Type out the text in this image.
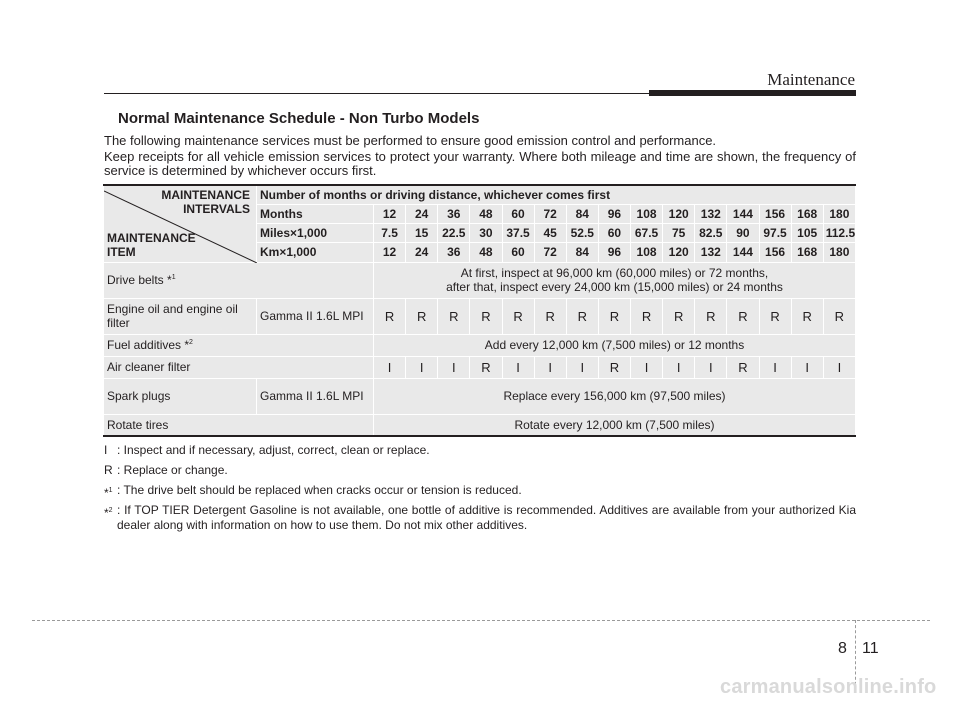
Maintenance
Normal Maintenance Schedule - Non Turbo Models
The following maintenance services must be performed to ensure good emission control and performance.
Keep receipts for all vehicle emission services to protect your warranty. Where both mileage and time are shown, the frequency of service is determined by whichever occurs first.
MAINTENANCE INTERVALS
MAINTENANCE ITEM	Number of months or driving distance, whichever comes first															
	Months	12	24	36	48	60	72	84	96	108	120	132	144	156	168	180
	Miles×1,000	7.5	15	22.5	30	37.5	45	52.5	60	67.5	75	82.5	90	97.5	105	112.5
	Km×1,000	12	24	36	48	60	72	84	96	108	120	132	144	156	168	180
Drive belts *$^1$		At first, inspect at 96,000 km (60,000 miles) or 72 months,
after that, inspect every 24,000 km (15,000 miles) or 24 months														

Engine oil and engine oil filter	Gamma II 1.6L MPI	R	R	R	R	R	R	R	R	R	R	R	R	R	R	R
Fuel additives *$^2$		Add every 12,000 km (7,500 miles) or 12 months														
Air cleaner filter		I	I	I	R	I	I	I	R	I	I	I	R	I	I	I
Spark plugs	Gamma II 1.6L MPI	Replace every 156,000 km (97,500 miles)														
Rotate tires		Rotate every 12,000 km (7,500 miles)														
I : Inspect and if necessary, adjust, correct, clean or replace.
R : Replace or change.
*$^1$ : The drive belt should be replaced when cracks occur or tension is reduced.
*$^2$ : If TOP TIER Detergent Gasoline is not available, one bottle of additive is recommended. Additives are available from your authorized Kia dealer along with information on how to use them. Do not mix other additives.
8 11
carmanualsonline.info
